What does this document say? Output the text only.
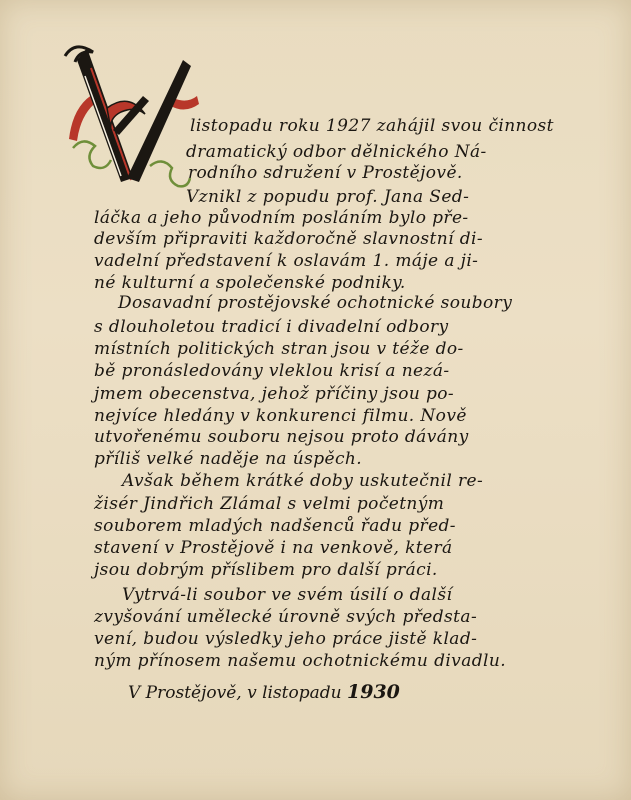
listopadu roku 1927 zahájil svou činnost
dramatický odbor dělnického Ná-
rodního sdružení v Prostějově.
Vznikl z popudu prof. Jana Sed-
láčka a jeho původním posláním bylo pře-
devším připraviti každoročně slavnostní di-
vadelní představení k oslavám 1. máje a ji-
né kulturní a společenské podniky.
Dosavadní prostějovské ochotnické soubory
s dlouholetou tradicí i divadelní odbory
místních politických stran jsou v téže do-
bě pronásledovány vleklou krisí a nezá-
jmem obecenstva, jehož příčiny jsou po-
nejvíce hledány v konkurenci filmu. Nově
utvořenému souboru nejsou proto dávány
příliš velké naděje na úspěch.
Avšak během krátké doby uskutečnil re-
žisér Jindřich Zlámal s velmi početným
souborem mladých nadšenců řadu před-
stavení v Prostějově i na venkově, která
jsou dobrým příslibem pro další práci.
Vytrvá-li soubor ve svém úsilí o další
zvyšování umělecké úrovně svých předsta-
vení, budou výsledky jeho práce jistě klad-
ným přínosem našemu ochotnickému divadlu.
V Prostějově, v listopadu 1930
